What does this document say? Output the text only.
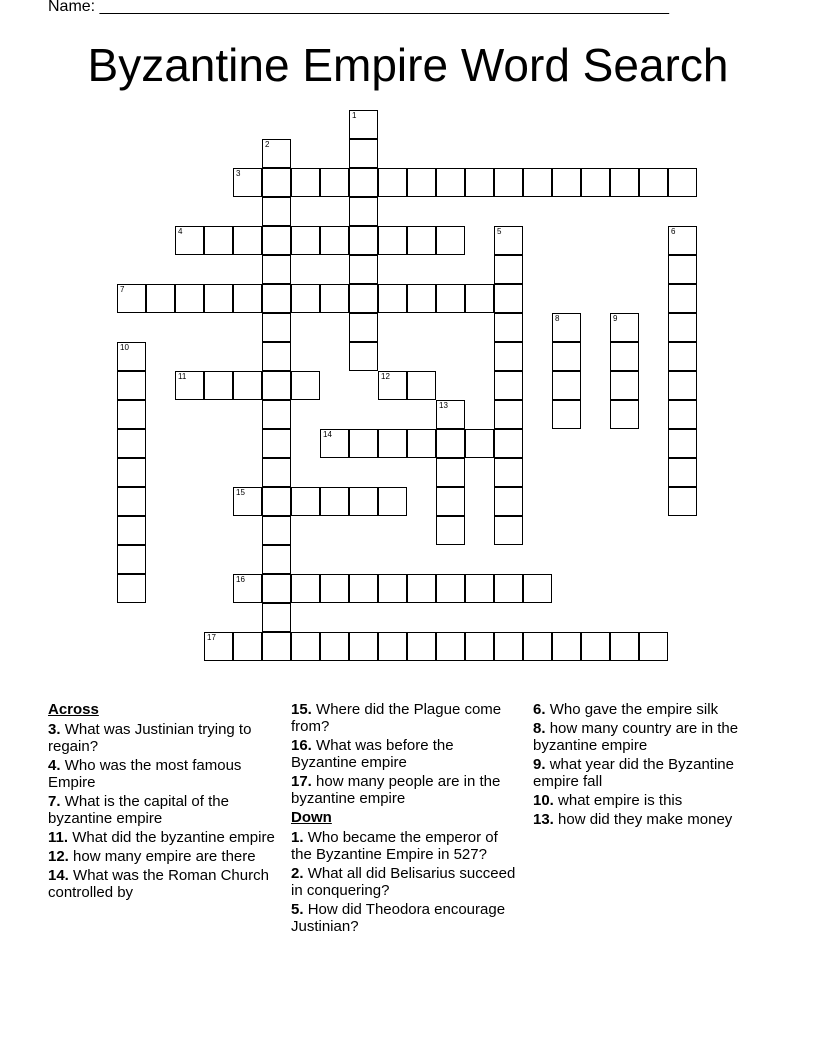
Name: ________________________________________________________________
Byzantine Empire Word Search
1
2
3
4	5	6
7
8	9
10
11	12
13
14
15
16
17
Across
3. What was Justinian trying to regain?
4. Who was the most famous Empire
7. What is the capital of the byzantine empire
11. What did the byzantine empire
12. how many empire are there
14. What was the Roman Church controlled by
15. Where did the Plague come from?
16. What was before the Byzantine empire
17. how many people are in the byzantine empire
Down
1. Who became the emperor of the Byzantine Empire in 527?
2. What all did Belisarius succeed in conquering?
5. How did Theodora encourage Justinian?
6. Who gave the empire silk
8. how many country are in the byzantine empire
9. what year did the Byzantine empire fall
10. what empire is this
13. how did they make money
